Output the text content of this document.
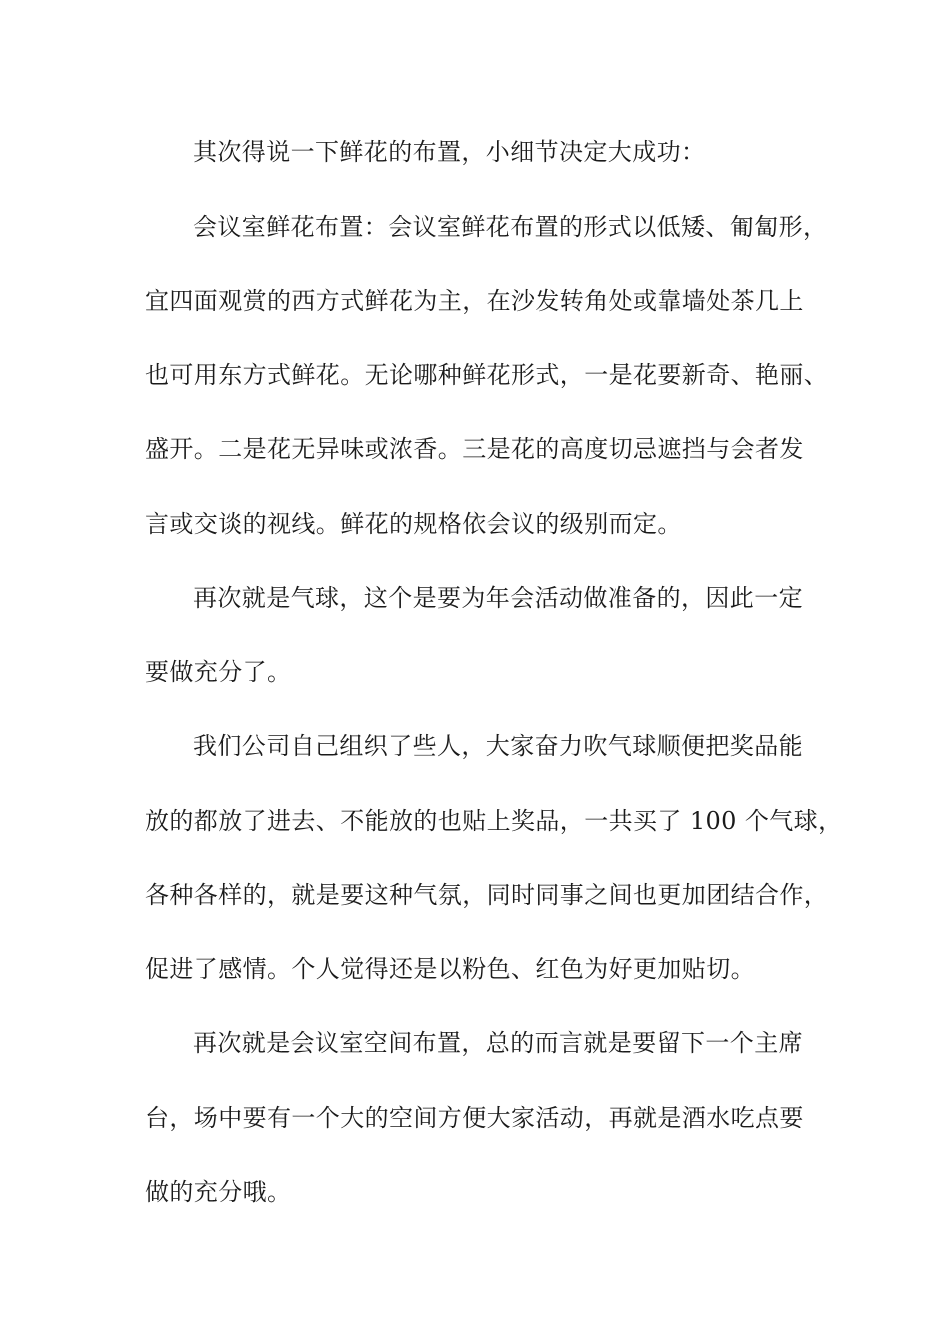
其次得说一下鲜花的布置，小细节决定大成功：
会议室鲜花布置：会议室鲜花布置的形式以低矮、匍匐形，
宜四面观赏的西方式鲜花为主，在沙发转角处或靠墙处茶几上
也可用东方式鲜花。无论哪种鲜花形式，一是花要新奇、艳丽、
盛开。二是花无异味或浓香。三是花的高度切忌遮挡与会者发
言或交谈的视线。鲜花的规格依会议的级别而定。
再次就是气球，这个是要为年会活动做准备的，因此一定
要做充分了。
我们公司自己组织了些人，大家奋力吹气球顺便把奖品能
放的都放了进去、不能放的也贴上奖品，一共买了 100 个气球，
各种各样的，就是要这种气氛，同时同事之间也更加团结合作，
促进了感情。个人觉得还是以粉色、红色为好更加贴切。
再次就是会议室空间布置，总的而言就是要留下一个主席
台，场中要有一个大的空间方便大家活动，再就是酒水吃点要
做的充分哦。
